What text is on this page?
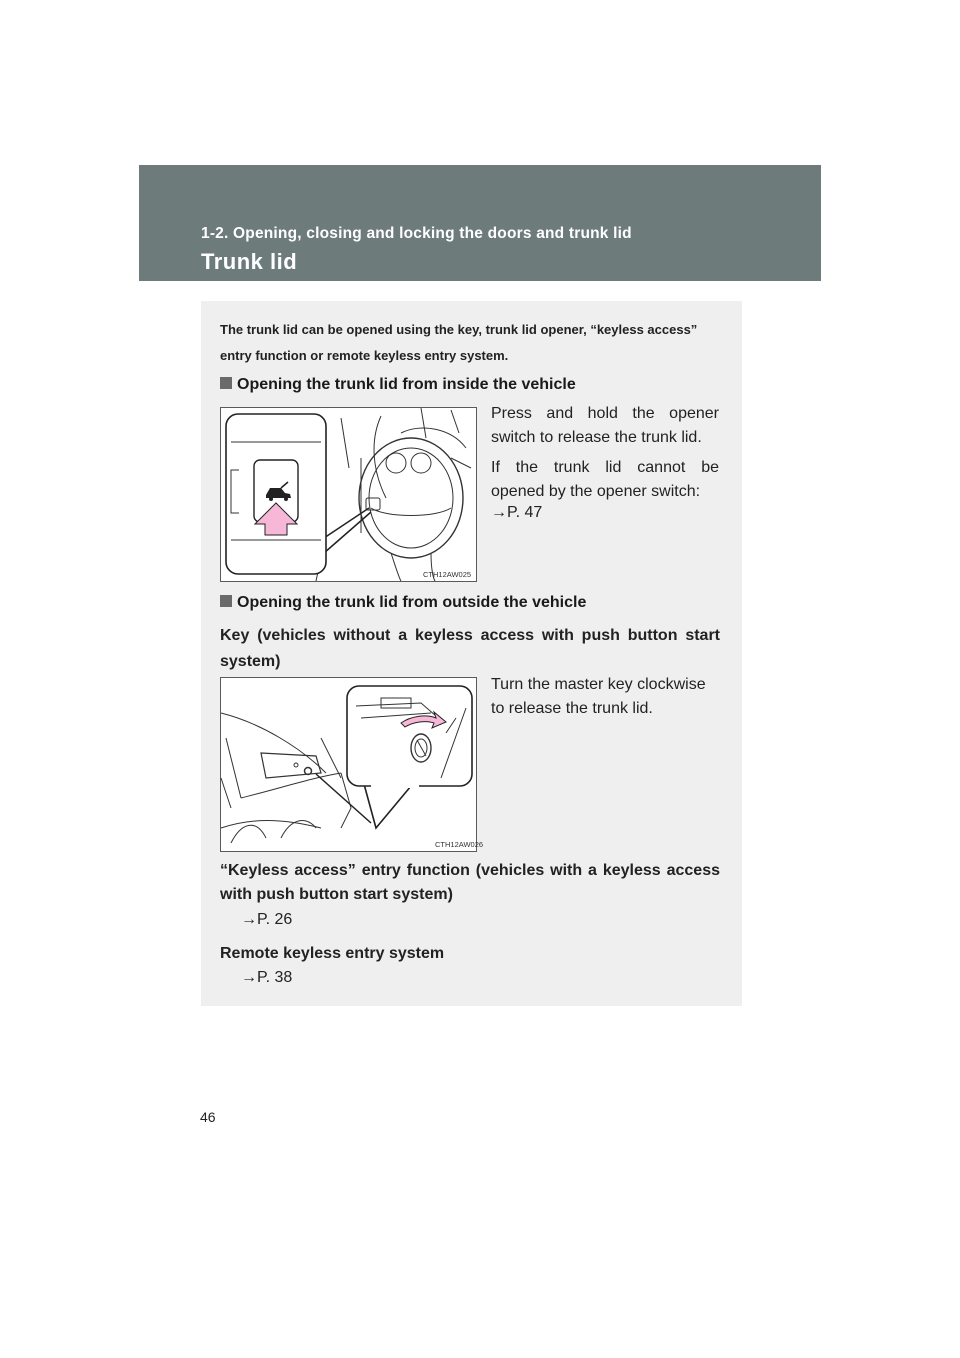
1-2. Opening, closing and locking the doors and trunk lid
Trunk lid
The trunk lid can be opened using the key, trunk lid opener, “keyless access” entry function or remote keyless entry system.
Opening the trunk lid from inside the vehicle
CTH12AW025
Press and hold the opener switch to release the trunk lid.
If the trunk lid cannot be opened by the opener switch:
→P. 47
Opening the trunk lid from outside the vehicle
Key (vehicles without a keyless access with push button start system)
CTH12AW026
Turn the master key clockwise to release the trunk lid.
“Keyless access” entry function (vehicles with a keyless access with push button start system)
→P. 26
Remote keyless entry system
→P. 38
46
